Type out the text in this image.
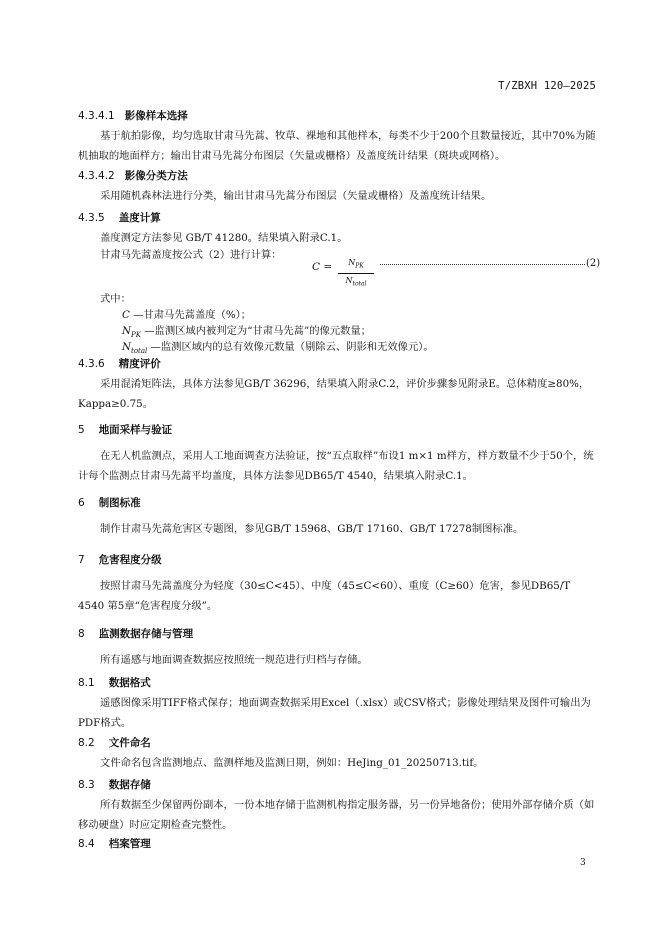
T/ZBXH 120—2025
4.3.4.1 影像样本选择
基于航拍影像，均匀选取甘肃马先蒿、牧草、裸地和其他样本，每类不少于200个且数量接近，其中70%为随机抽取的地面样方；输出甘肃马先蒿分布图层（矢量或栅格）及盖度统计结果（斑块或网格）。
4.3.4.2 影像分类方法
采用随机森林法进行分类，输出甘肃马先蒿分布图层（矢量或栅格）及盖度统计结果。
4.3.5 盖度计算
盖度测定方法参见 GB/T 41280。结果填入附录C.1。
甘肃马先蒿盖度按公式（2）进行计算：
C =	$N_{PK}$
$N_{total}$
(2)
式中：
C —甘肃马先蒿盖度（%）；
$N_{PK}$ —监测区域内被判定为“甘肃马先蒿”的像元数量；
$N_{total}$ —监测区域内的总有效像元数量（剔除云、阴影和无效像元）。
4.3.6 精度评价
采用混淆矩阵法，具体方法参见GB/T 36296，结果填入附录C.2，评价步骤参见附录E。总体精度≥80%，Kappa≥0.75。
5 地面采样与验证
在无人机监测点，采用人工地面调查方法验证，按“五点取样”布设1 m×1 m样方，样方数量不少于50个，统计每个监测点甘肃马先蒿平均盖度，具体方法参见DB65/T 4540，结果填入附录C.1。
6 制图标准
制作甘肃马先蒿危害区专题图，参见GB/T 15968、GB/T 17160、GB/T 17278制图标准。
7 危害程度分级
按照甘肃马先蒿盖度分为轻度（30≤C<45）、中度（45≤C<60）、重度（C≥60）危害，参见DB65/T 4540 第5章“危害程度分级”。
8 监测数据存储与管理
所有遥感与地面调查数据应按照统一规范进行归档与存储。
8.1 数据格式
遥感图像采用TIFF格式保存；地面调查数据采用Excel（.xlsx）或CSV格式；影像处理结果及图件可输出为PDF格式。
8.2 文件命名
文件命名包含监测地点、监测样地及监测日期，例如：HeJing_01_20250713.tif。
8.3 数据存储
所有数据至少保留两份副本，一份本地存储于监测机构指定服务器，另一份异地备份；使用外部存储介质（如移动硬盘）时应定期检查完整性。
8.4 档案管理
3
